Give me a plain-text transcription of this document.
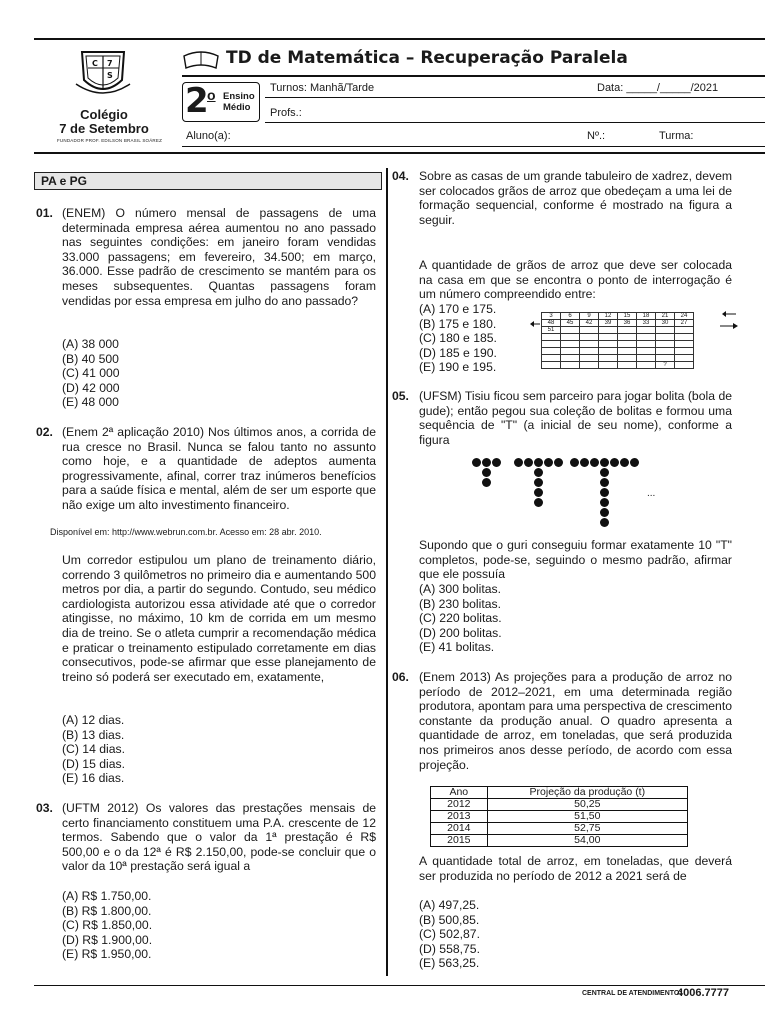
C 7
S
Colégio
7 de Setembro
FUNDADOR PROF. EDILSON BRASIL SOÁREZ
TD de Matemática – Recuperação Paralela
2
o Ensino
Médio
Turnos: Manhã/Tarde	Data: _____/_____/2021
Profs.:
Aluno(a):	Nº.:	Turma:
PA e PG
01. (ENEM) O número mensal de passagens de uma determinada empresa aérea aumentou no ano passado nas seguintes condições: em janeiro foram vendidas 33.000 passagens; em fevereiro, 34.500; em março, 36.000. Esse padrão de crescimento se mantém para os meses subsequentes. Quantas passagens foram vendidas por essa empresa em julho do ano passado?
(A) 38 000
(B) 40 500
(C) 41 000
(D) 42 000
(E) 48 000
02. (Enem 2ª aplicação 2010) Nos últimos anos, a corrida de rua cresce no Brasil. Nunca se falou tanto no assunto como hoje, e a quantidade de adeptos aumenta progressivamente, afinal, correr traz inúmeros benefícios para a saúde física e mental, além de ser um esporte que não exige um alto investimento financeiro.
Disponível em: http://www.webrun.com.br. Acesso em: 28 abr. 2010.
Um corredor estipulou um plano de treinamento diário, correndo 3 quilômetros no primeiro dia e aumentando 500 metros por dia, a partir do segundo. Contudo, seu médico cardiologista autorizou essa atividade até que o corredor atingisse, no máximo, 10 km de corrida em um mesmo dia de treino. Se o atleta cumprir a recomendação médica e praticar o treinamento estipulado corretamente em dias consecutivos, pode-se afirmar que esse planejamento de treino só poderá ser executado em, exatamente,
(A) 12 dias.
(B) 13 dias.
(C) 14 dias.
(D) 15 dias.
(E) 16 dias.
03. (UFTM 2012) Os valores das prestações mensais de certo financiamento constituem uma P.A. crescente de 12 termos. Sabendo que o valor da 1ª prestação é R$ 500,00 e o da 12ª é R$ 2.150,00, pode-se concluir que o valor da 10ª prestação será igual a
(A) R$ 1.750,00.
(B) R$ 1.800,00.
(C) R$ 1.850,00.
(D) R$ 1.900,00.
(E) R$ 1.950,00.
04. Sobre as casas de um grande tabuleiro de xadrez, devem ser colocados grãos de arroz que obedeçam a uma lei de formação sequencial, conforme é mostrado na figura a seguir.
A quantidade de grãos de arroz que deve ser colocada na casa em que se encontra o ponto de interrogação é um número compreendido entre:
(A) 170 e 175.
(B) 175 e 180.
(C) 180 e 185.
(D) 185 e 190.
(E) 190 e 195.
3	6	9	12	15	18	21	24
48	45	42	39	36	33	30	27
51							

						?	
05. (UFSM) Tisiu ficou sem parceiro para jogar bolita (bola de gude); então pegou sua coleção de bolitas e formou uma sequência de "T" (a inicial de seu nome), conforme a figura
...
Supondo que o guri conseguiu formar exatamente 10 "T" completos, pode-se, seguindo o mesmo padrão, afirmar que ele possuía
(A) 300 bolitas.
(B) 230 bolitas.
(C) 220 bolitas.
(D) 200 bolitas.
(E) 41 bolitas.
06. (Enem 2013) As projeções para a produção de arroz no período de 2012–2021, em uma determinada região produtora, apontam para uma perspectiva de crescimento constante da produção anual. O quadro apresenta a quantidade de arroz, em toneladas, que será produzida nos primeiros anos desse período, de acordo com essa projeção.
Ano	Projeção da produção (t)
2012	50,25
2013	51,50
2014	52,75
2015	54,00
A quantidade total de arroz, em toneladas, que deverá ser produzida no período de 2012 a 2021 será de
(A) 497,25.
(B) 500,85.
(C) 502,87.
(D) 558,75.
(E) 563,25.
CENTRAL DE ATENDIMENTO:
4006.7777
